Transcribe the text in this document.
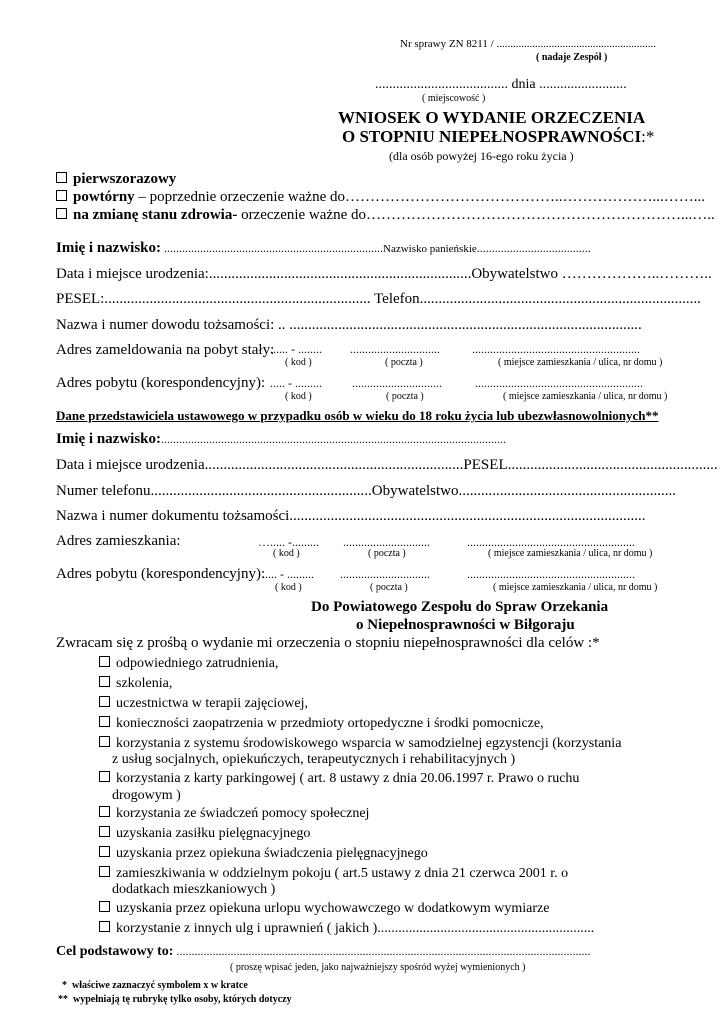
Nr sprawy ZN 8211 / ..........................................................
( nadaje Zespół )
...................................... dnia .........................
( miejscowość )
WNIOSEK O WYDANIE ORZECZENIA
O STOPNIU NIEPEŁNOSPRAWNOŚCI:*
(dla osób powyżej 16-ego roku życia )
pierwszorazowy
powtórny – poprzednie orzeczenie ważne do……………………………………..………………...……...
na zmianę stanu zdrowia- orzeczenie ważne do………………………………………………………...…..
Imię i nazwisko: .........................................................................Nazwisko panieńskie......................................
Data i miejsce urodzenia:......................................................................Obywatelstwo ………………..………..
PESEL:....................................................................... Telefon...........................................................................
Nazwa i numer dowodu tożsamości: .. ..............................................................................................
Adres zameldowania na pobyt stały:
...... - ........ ..............................	........................................................
( kod )	( poczta )	( miejsce zamieszkania / ulica, nr domu )
Adres pobytu (korespondencyjny): ..... - .........	..............................	........................................................
( kod )	( poczta )	( miejsce zamieszkania / ulica, nr domu )
Dane przedstawiciela ustawowego w przypadku osób w wieku do 18 roku życia lub ubezwłasnowolnionych**
Imię i nazwisko:...................................................................................................................
Data i miejsce urodzenia.....................................................................PESEL........................................................
Numer telefonu...........................................................Obywatelstwo..........................................................
Nazwa i numer dokumentu tożsamości...............................................................................................
Adres zamieszkania:	…..... -......... .............................	........................................................
( kod )	( poczta )	( miejsce zamieszkania / ulica, nr domu )
Adres pobytu (korespondencyjny):
..... - ......... ..............................	........................................................
( kod )	( poczta )	( miejsce zamieszkania / ulica, nr domu )
Do Powiatowego Zespołu do Spraw Orzekania
o Niepełnosprawności w Biłgoraju
Zwracam się z prośbą o wydanie mi orzeczenia o stopniu niepełnosprawności dla celów :*
odpowiedniego zatrudnienia,
szkolenia,
uczestnictwa w terapii zajęciowej,
konieczności zaopatrzenia w przedmioty ortopedyczne i środki pomocnicze,
korzystania z systemu środowiskowego wsparcia w samodzielnej egzystencji (korzystania
z usług socjalnych, opiekuńczych, terapeutycznych i rehabilitacyjnych )
korzystania z karty parkingowej ( art. 8 ustawy z dnia 20.06.1997 r. Prawo o ruchu
drogowym )
korzystania ze świadczeń pomocy społecznej
uzyskania zasiłku pielęgnacyjnego
uzyskania przez opiekuna świadczenia pielęgnacyjnego
zamieszkiwania w oddzielnym pokoju ( art.5 ustawy z dnia 21 czerwca 2001 r. o
dodatkach mieszkaniowych )
uzyskania przez opiekuna urlopu wychowawczego w dodatkowym wymiarze
korzystanie z innych ulg i uprawnień ( jakich )..............................................................
Cel podstawowy to: ..........................................................................................................................................
( proszę wpisać jeden, jako najważniejszy spośród wyżej wymienionych )
* właściwe zaznaczyć symbolem x w kratce
** wypełniają tę rubrykę tylko osoby, których dotyczy
